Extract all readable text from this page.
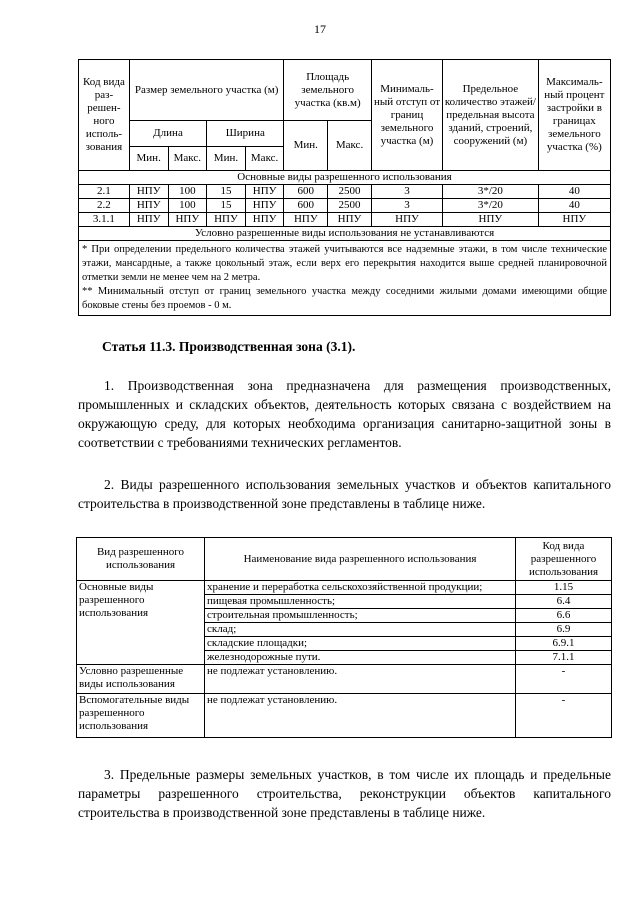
17
Код вида раз-решен-ного исполь-зования	Размер земельного участка (м)				Площадь земельного участка (кв.м)		Минималь-ный отступ от границ земельного участка (м)	Предельное количество этажей/ предельная высота зданий, строений, сооружений (м)	Максималь-ный процент застройки в границах земельного участка (%)
	Длина		Ширина		Мин.	Макс.			
	Мин.	Макс.	Мин.	Макс.					
Основные виды разрешенного использования									
2.1	НПУ	100	15	НПУ	600	2500	3	3*/20	40
2.2	НПУ	100	15	НПУ	600	2500	3	3*/20	40
3.1.1	НПУ	НПУ	НПУ	НПУ	НПУ	НПУ	НПУ	НПУ	НПУ
Условно разрешенные виды использования не устанавливаются									

* При определении предельного количества этажей учитываются все надземные этажи, в том числе технические этажи, мансардные, а также цокольный этаж, если верх его перекрытия находится выше средней планировочной отметки земли не менее чем на 2 метра.

** Минимальный отступ от границ земельного участка между соседними жилыми домами имеющими общие боковые стены без проемов - 0 м.									

Статья 11.3. Производственная зона (3.1).

1. Производственная зона предназначена для размещения производственных, промышленных и складских объектов, деятельность которых связана с воздействием на окружающую среду, для которых необходима организация санитарно-защитной зоны в соответствии с требованиями технических регламентов.

2. Виды разрешенного использования земельных участков и объектов капитального строительства в производственной зоне представлены в таблице ниже.

Вид разрешенного использования	Наименование вида разрешенного использования	Код вида разрешенного использования
Основные виды разрешенного использования	хранение и переработка сельскохозяйственной продукции;	1.15
	пищевая промышленность;	6.4
	строительная промышленность;	6.6
	склад;	6.9
	складские площадки;	6.9.1
	железнодорожные пути.	7.1.1
Условно разрешенные виды использования	не подлежат установлению.	-
Вспомогательные виды разрешенного использования	не подлежат установлению.	-

3. Предельные размеры земельных участков, в том числе их площадь и предельные параметры разрешенного строительства, реконструкции объектов капитального строительства в производственной зоне представлены в таблице ниже.
